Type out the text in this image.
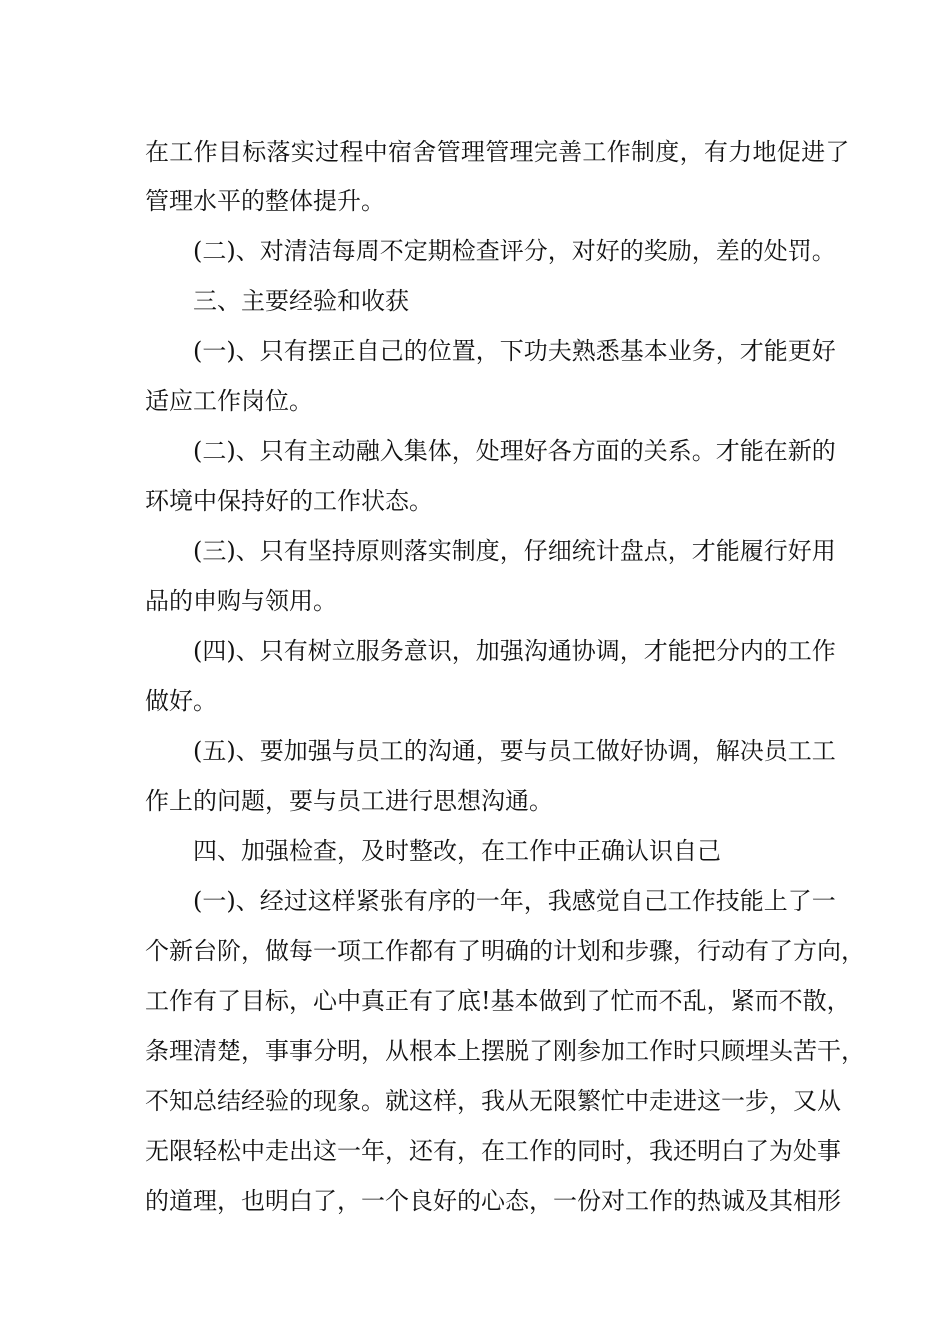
在工作目标落实过程中宿舍管理管理完善工作制度，有力地促进了

管理水平的整体提升。

(二)、对清洁每周不定期检查评分，对好的奖励，差的处罚。

三、主要经验和收获

(一)、只有摆正自己的位置，下功夫熟悉基本业务，才能更好

适应工作岗位。

(二)、只有主动融入集体，处理好各方面的关系。才能在新的

环境中保持好的工作状态。

(三)、只有坚持原则落实制度，仔细统计盘点，才能履行好用

品的申购与领用。

(四)、只有树立服务意识，加强沟通协调，才能把分内的工作

做好。

(五)、要加强与员工的沟通，要与员工做好协调，解决员工工

作上的问题，要与员工进行思想沟通。

四、加强检查，及时整改，在工作中正确认识自己

(一)、经过这样紧张有序的一年，我感觉自己工作技能上了一

个新台阶，做每一项工作都有了明确的计划和步骤，行动有了方向，

工作有了目标，心中真正有了底!基本做到了忙而不乱，紧而不散，

条理清楚，事事分明，从根本上摆脱了刚参加工作时只顾埋头苦干，

不知总结经验的现象。就这样，我从无限繁忙中走进这一步，又从

无限轻松中走出这一年，还有，在工作的同时，我还明白了为处事

的道理，也明白了，一个良好的心态，一份对工作的热诚及其相形
